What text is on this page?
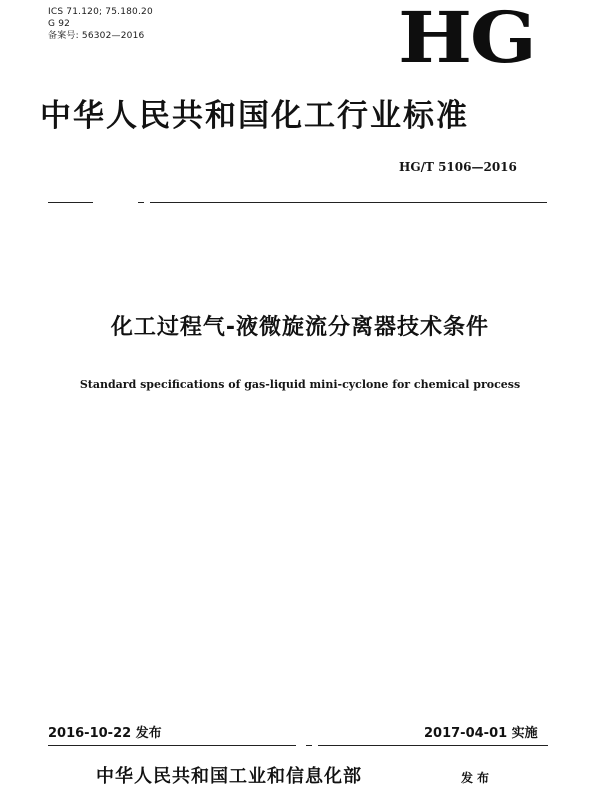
ICS 71.120; 75.180.20
G 92
备案号: 56302—2016	HG
中华人民共和国化工行业标准
HG/T 5106—2016
化工过程气-液微旋流分离器技术条件
Standard specifications of gas-liquid mini-cyclone for chemical process
2016-10-22 发布	2017-04-01 实施
中华人民共和国工业和信息化部	发布
